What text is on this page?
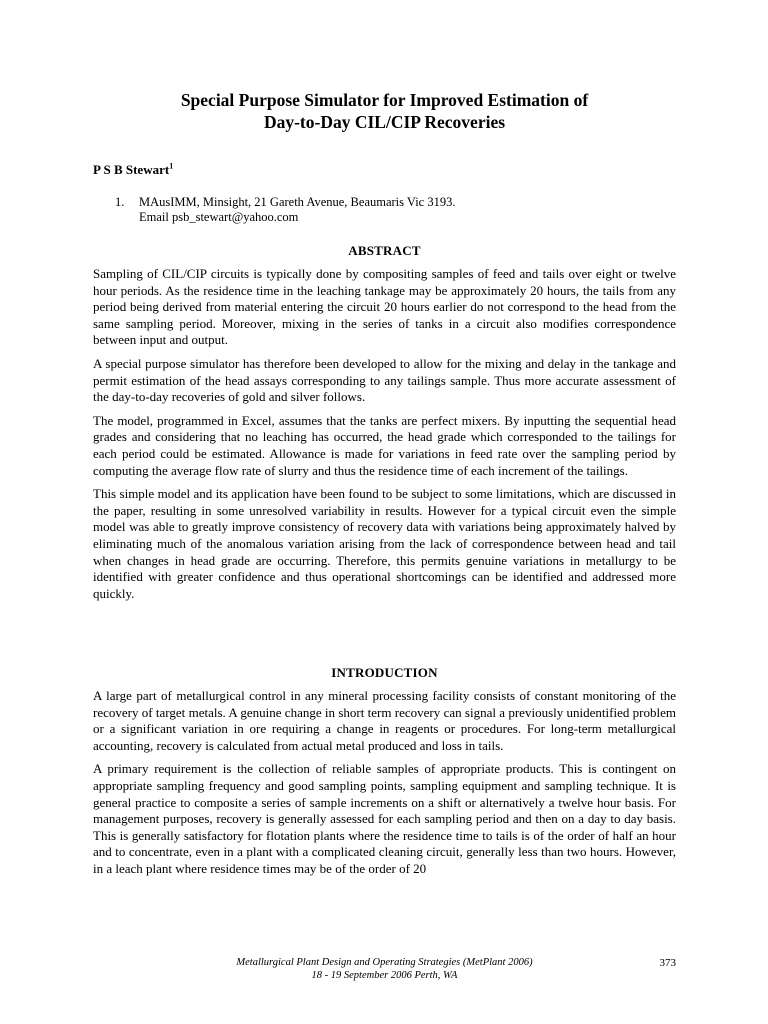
Special Purpose Simulator for Improved Estimation of
Day-to-Day CIL/CIP Recoveries

P S B Stewart$^1$

1. MAusIMM, Minsight, 21 Gareth Avenue, Beaumaris Vic 3193.
Email psb_stewart@yahoo.com
ABSTRACT

Sampling of CIL/CIP circuits is typically done by compositing samples of feed and tails over eight or twelve hour periods. As the residence time in the leaching tankage may be approximately 20 hours, the tails from any period being derived from material entering the circuit 20 hours earlier do not correspond to the head from the same sampling period. Moreover, mixing in the series of tanks in a circuit also modifies correspondence between input and output.

A special purpose simulator has therefore been developed to allow for the mixing and delay in the tankage and permit estimation of the head assays corresponding to any tailings sample. Thus more accurate assessment of the day-to-day recoveries of gold and silver follows.

The model, programmed in Excel, assumes that the tanks are perfect mixers. By inputting the sequential head grades and considering that no leaching has occurred, the head grade which corresponded to the tailings for each period could be estimated. Allowance is made for variations in feed rate over the sampling period by computing the average flow rate of slurry and thus the residence time of each increment of the tailings.

This simple model and its application have been found to be subject to some limitations, which are discussed in the paper, resulting in some unresolved variability in results. However for a typical circuit even the simple model was able to greatly improve consistency of recovery data with variations being approximately halved by eliminating much of the anomalous variation arising from the lack of correspondence between head and tail when changes in head grade are occurring. Therefore, this permits genuine variations in metallurgy to be identified with greater confidence and thus operational shortcomings can be identified and addressed more quickly.

INTRODUCTION

A large part of metallurgical control in any mineral processing facility consists of constant monitoring of the recovery of target metals. A genuine change in short term recovery can signal a previously unidentified problem or a significant variation in ore requiring a change in reagents or procedures. For long-term metallurgical accounting, recovery is calculated from actual metal produced and loss in tails.

A primary requirement is the collection of reliable samples of appropriate products. This is contingent on appropriate sampling frequency and good sampling points, sampling equipment and sampling technique. It is general practice to composite a series of sample increments on a shift or alternatively a twelve hour basis. For management purposes, recovery is generally assessed for each sampling period and then on a day to day basis. This is generally satisfactory for flotation plants where the residence time to tails is of the order of half an hour and to concentrate, even in a plant with a complicated cleaning circuit, generally less than two hours. However, in a leach plant where residence times may be of the order of 20

Metallurgical Plant Design and Operating Strategies (MetPlant 2006)
18 - 19 September 2006 Perth, WA

373
